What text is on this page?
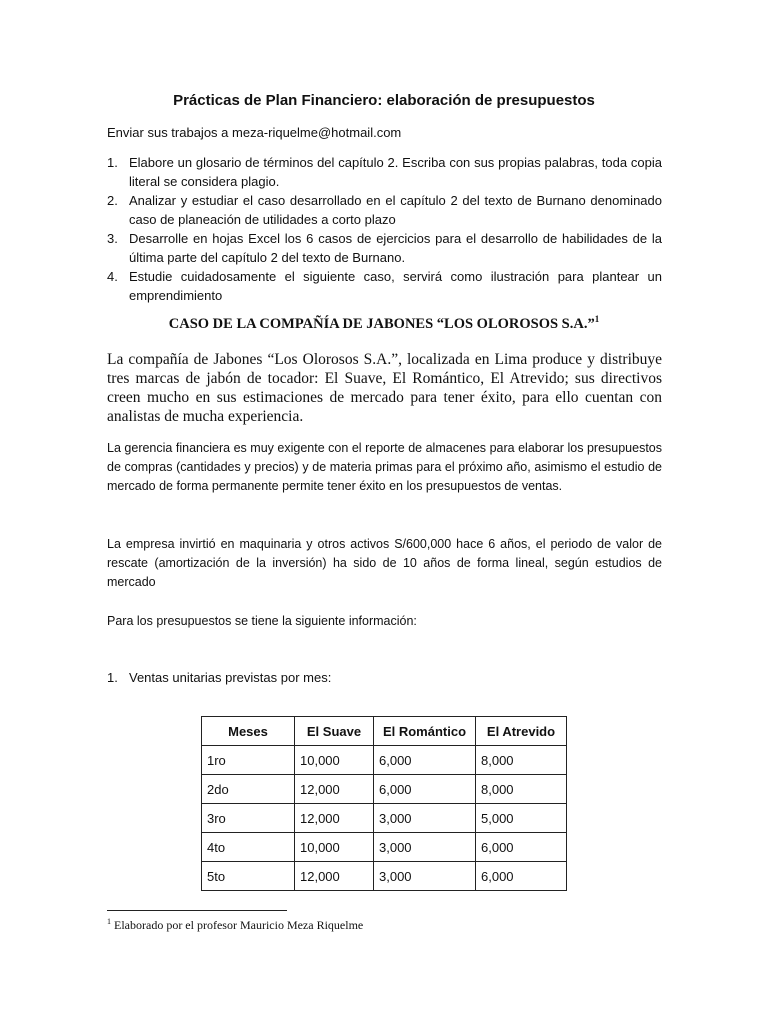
Prácticas de Plan Financiero: elaboración de presupuestos
Enviar sus trabajos a meza-riquelme@hotmail.com
1. Elabore un glosario de términos del capítulo 2. Escriba con sus propias palabras, toda copia literal se considera plagio.
2. Analizar y estudiar el caso desarrollado en el capítulo 2 del texto de Burnano denominado caso de planeación de utilidades a corto plazo
3. Desarrolle en hojas Excel los 6 casos de ejercicios para el desarrollo de habilidades de la última parte del capítulo 2 del texto de Burnano.
4. Estudie cuidadosamente el siguiente caso, servirá como ilustración para plantear un emprendimiento
CASO DE LA COMPAÑÍA DE JABONES “LOS OLOROSOS S.A.”$^1$

La compañía de Jabones “Los Olorosos S.A.”, localizada en Lima produce y distribuye tres marcas de jabón de tocador: El Suave, El Romántico, El Atrevido; sus directivos creen mucho en sus estimaciones de mercado para tener éxito, para ello cuentan con analistas de mucha experiencia.

La gerencia financiera es muy exigente con el reporte de almacenes para elaborar los presupuestos de compras (cantidades y precios) y de materia primas para el próximo año, asimismo el estudio de mercado de forma permanente permite tener éxito en los presupuestos de ventas.

La empresa invirtió en maquinaria y otros activos S/600,000 hace 6 años, el periodo de valor de rescate (amortización de la inversión) ha sido de 10 años de forma lineal, según estudios de mercado

Para los presupuestos se tiene la siguiente información:

1. Ventas unitarias previstas por mes:
Meses	El Suave	El Romántico	El Atrevido
1ro	10,000	6,000	8,000
2do	12,000	6,000	8,000
3ro	12,000	3,000	5,000
4to	10,000	3,000	6,000
5to	12,000	3,000	6,000
$^1$ Elaborado por el profesor Mauricio Meza Riquelme
